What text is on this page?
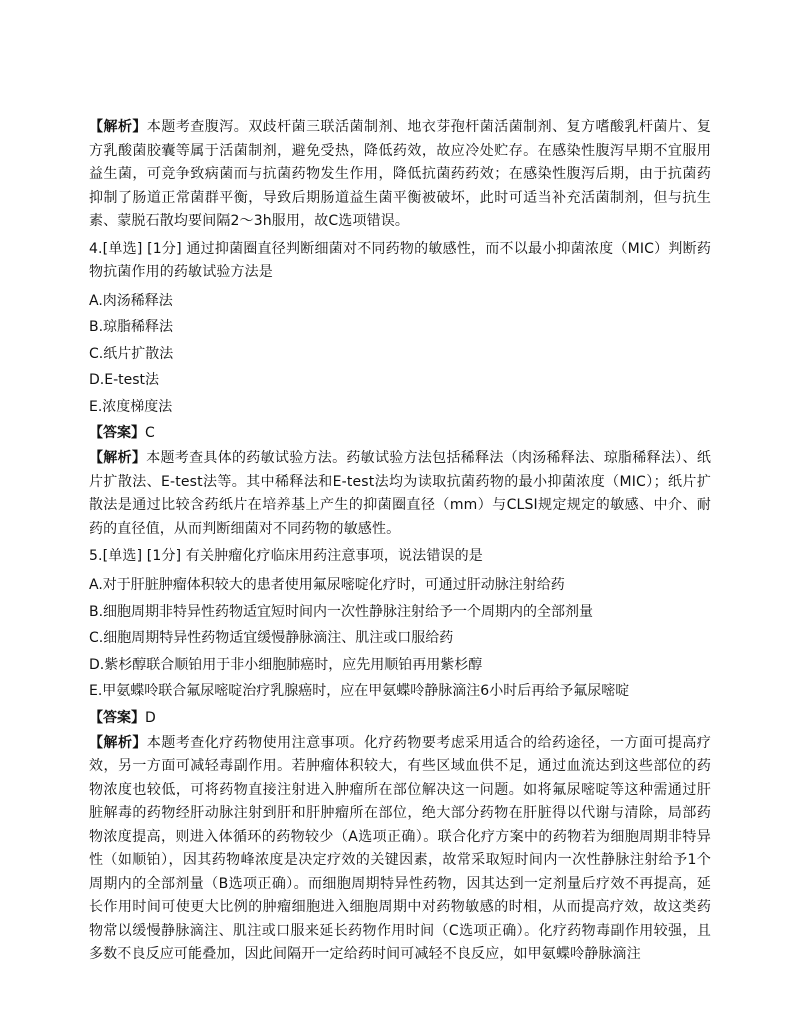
【解析】本题考查腹泻。双歧杆菌三联活菌制剂、地衣芽孢杆菌活菌制剂、复方嗜酸乳杆菌片、复方乳酸菌胶囊等属于活菌制剂，避免受热，降低药效，故应冷处贮存。在感染性腹泻早期不宜服用益生菌，可竞争致病菌而与抗菌药物发生作用，降低抗菌药药效；在感染性腹泻后期，由于抗菌药抑制了肠道正常菌群平衡，导致后期肠道益生菌平衡被破坏，此时可适当补充活菌制剂，但与抗生素、蒙脱石散均要间隔2～3h服用，故C选项错误。

4.[单选] [1分] 通过抑菌圈直径判断细菌对不同药物的敏感性，而不以最小抑菌浓度（MIC）判断药物抗菌作用的药敏试验方法是

A.肉汤稀释法

B.琼脂稀释法

C.纸片扩散法

D.E-test法

E.浓度梯度法

【答案】C

【解析】本题考查具体的药敏试验方法。药敏试验方法包括稀释法（肉汤稀释法、琼脂稀释法）、纸片扩散法、E-test法等。其中稀释法和E-test法均为读取抗菌药物的最小抑菌浓度（MIC）；纸片扩散法是通过比较含药纸片在培养基上产生的抑菌圈直径（mm）与CLSI规定规定的敏感、中介、耐药的直径值，从而判断细菌对不同药物的敏感性。

5.[单选] [1分] 有关肿瘤化疗临床用药注意事项，说法错误的是

A.对于肝脏肿瘤体积较大的患者使用氟尿嘧啶化疗时，可通过肝动脉注射给药

B.细胞周期非特异性药物适宜短时间内一次性静脉注射给予一个周期内的全部剂量

C.细胞周期特异性药物适宜缓慢静脉滴注、肌注或口服给药

D.紫杉醇联合顺铂用于非小细胞肺癌时，应先用顺铂再用紫杉醇

E.甲氨蝶呤联合氟尿嘧啶治疗乳腺癌时，应在甲氨蝶呤静脉滴注6小时后再给予氟尿嘧啶

【答案】D

【解析】本题考查化疗药物使用注意事项。化疗药物要考虑采用适合的给药途径，一方面可提高疗效，另一方面可减轻毒副作用。若肿瘤体积较大，有些区域血供不足，通过血流达到这些部位的药物浓度也较低，可将药物直接注射进入肿瘤所在部位解决这一问题。如将氟尿嘧啶等这种需通过肝脏解毒的药物经肝动脉注射到肝和肝肿瘤所在部位，绝大部分药物在肝脏得以代谢与清除，局部药物浓度提高，则进入体循环的药物较少（A选项正确）。联合化疗方案中的药物若为细胞周期非特异性（如顺铂），因其药物峰浓度是决定疗效的关键因素，故常采取短时间内一次性静脉注射给予1个周期内的全部剂量（B选项正确）。而细胞周期特异性药物，因其达到一定剂量后疗效不再提高，延长作用时间可使更大比例的肿瘤细胞进入细胞周期中对药物敏感的时相，从而提高疗效，故这类药物常以缓慢静脉滴注、肌注或口服来延长药物作用时间（C选项正确）。化疗药物毒副作用较强，且多数不良反应可能叠加，因此间隔开一定给药时间可减轻不良反应，如甲氨蝶呤静脉滴注
